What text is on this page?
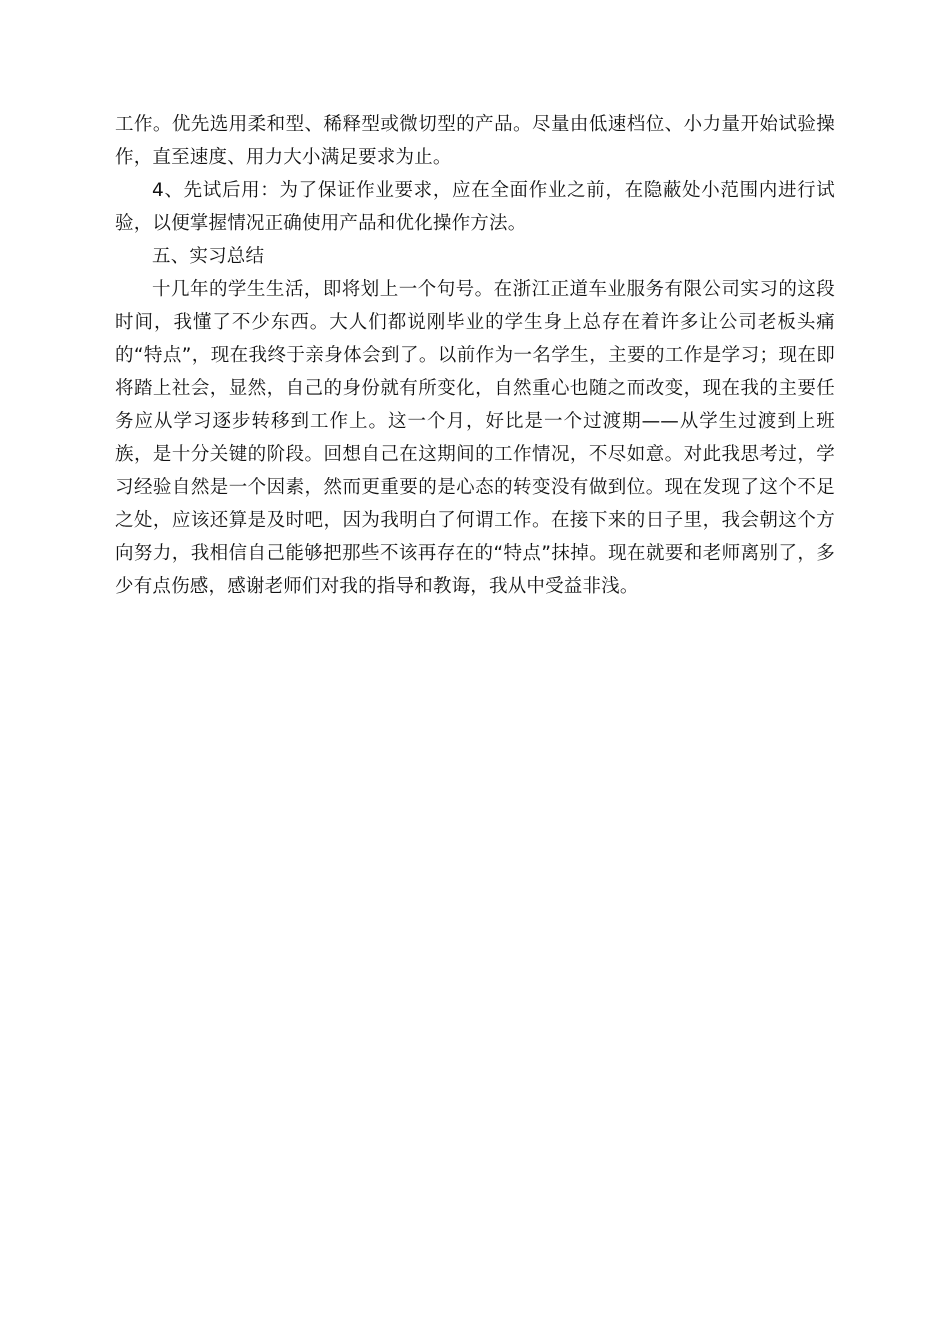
工作。优先选用柔和型、稀释型或微切型的产品。尽量由低速档位、小力量开始试验操作，直至速度、用力大小满足要求为止。

4、先试后用：为了保证作业要求，应在全面作业之前，在隐蔽处小范围内进行试验，以便掌握情况正确使用产品和优化操作方法。

五、实习总结

十几年的学生生活，即将划上一个句号。在浙江正道车业服务有限公司实习的这段时间，我懂了不少东西。大人们都说刚毕业的学生身上总存在着许多让公司老板头痛的“特点”，现在我终于亲身体会到了。以前作为一名学生，主要的工作是学习；现在即将踏上社会，显然，自己的身份就有所变化，自然重心也随之而改变，现在我的主要任务应从学习逐步转移到工作上。这一个月，好比是一个过渡期——从学生过渡到上班族，是十分关键的阶段。回想自己在这期间的工作情况，不尽如意。对此我思考过，学习经验自然是一个因素，然而更重要的是心态的转变没有做到位。现在发现了这个不足之处，应该还算是及时吧，因为我明白了何谓工作。在接下来的日子里，我会朝这个方向努力，我相信自己能够把那些不该再存在的“特点”抹掉。现在就要和老师离别了，多少有点伤感，感谢老师们对我的指导和教诲，我从中受益非浅。
